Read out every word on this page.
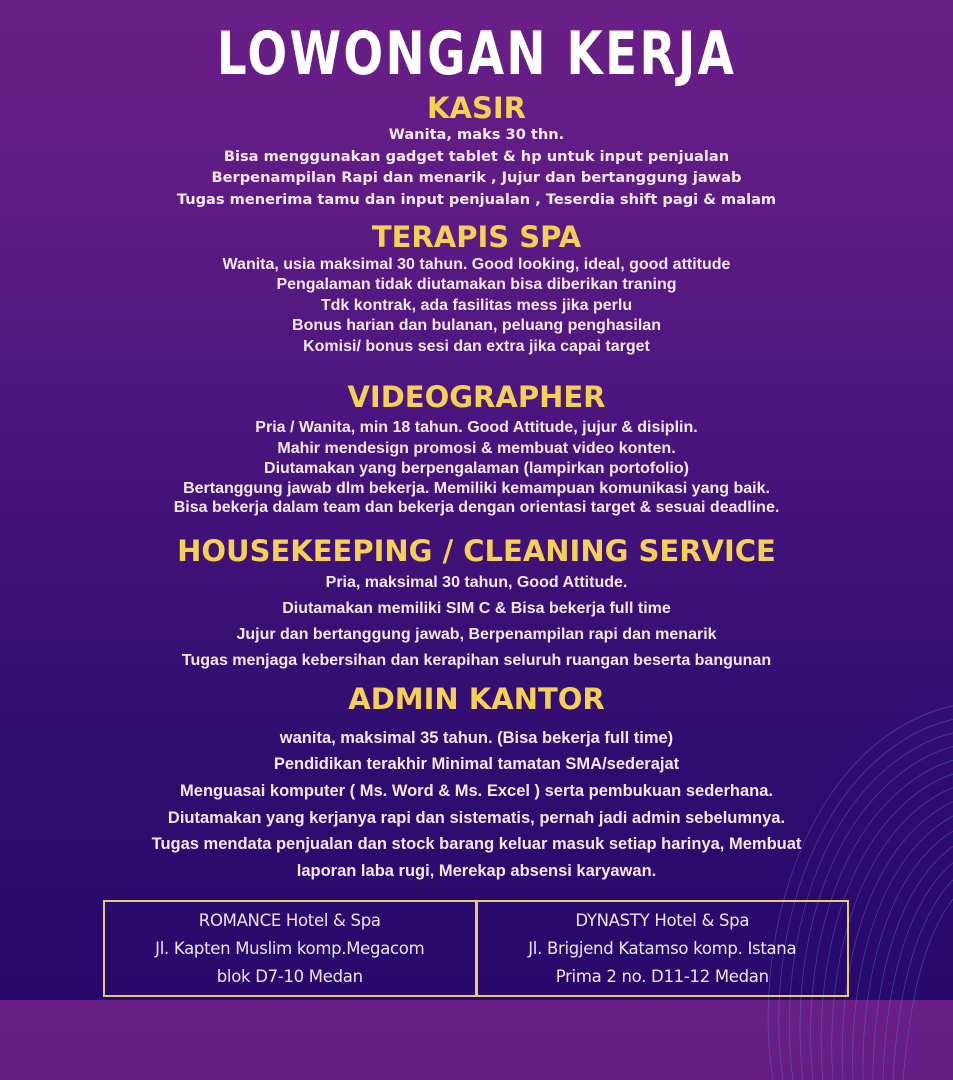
LOWONGAN KERJA
KASIR
Wanita, maks 30 thn.
Bisa menggunakan gadget tablet & hp untuk input penjualan
Berpenampilan Rapi dan menarik , Jujur dan bertanggung jawab
Tugas menerima tamu dan input penjualan , Teserdia shift pagi & malam
TERAPIS SPA
Wanita, usia maksimal 30 tahun. Good looking, ideal, good attitude
Pengalaman tidak diutamakan bisa diberikan traning
Tdk kontrak, ada fasilitas mess jika perlu
Bonus harian dan bulanan, peluang penghasilan
Komisi/ bonus sesi dan extra jika capai target
VIDEOGRAPHER
Pria / Wanita, min 18 tahun. Good Attitude, jujur & disiplin.
Mahir mendesign promosi & membuat video konten.
Diutamakan yang berpengalaman (lampirkan portofolio)
Bertanggung jawab dlm bekerja. Memiliki kemampuan komunikasi yang baik.
Bisa bekerja dalam team dan bekerja dengan orientasi target & sesuai deadline.
HOUSEKEEPING / CLEANING SERVICE
Pria, maksimal 30 tahun, Good Attitude.
Diutamakan memiliki SIM C & Bisa bekerja full time
Jujur dan bertanggung jawab, Berpenampilan rapi dan menarik
Tugas menjaga kebersihan dan kerapihan seluruh ruangan beserta bangunan
ADMIN KANTOR
wanita, maksimal 35 tahun. (Bisa bekerja full time)
Pendidikan terakhir Minimal tamatan SMA/sederajat
Menguasai komputer ( Ms. Word & Ms. Excel ) serta pembukuan sederhana.
Diutamakan yang kerjanya rapi dan sistematis, pernah jadi admin sebelumnya.
Tugas mendata penjualan dan stock barang keluar masuk setiap harinya, Membuat
laporan laba rugi, Merekap absensi karyawan.
ROMANCE Hotel & Spa
Jl. Kapten Muslim komp.Megacom
blok D7-10 Medan
DYNASTY Hotel & Spa
Jl. Brigjend Katamso komp. Istana
Prima 2 no. D11-12 Medan
